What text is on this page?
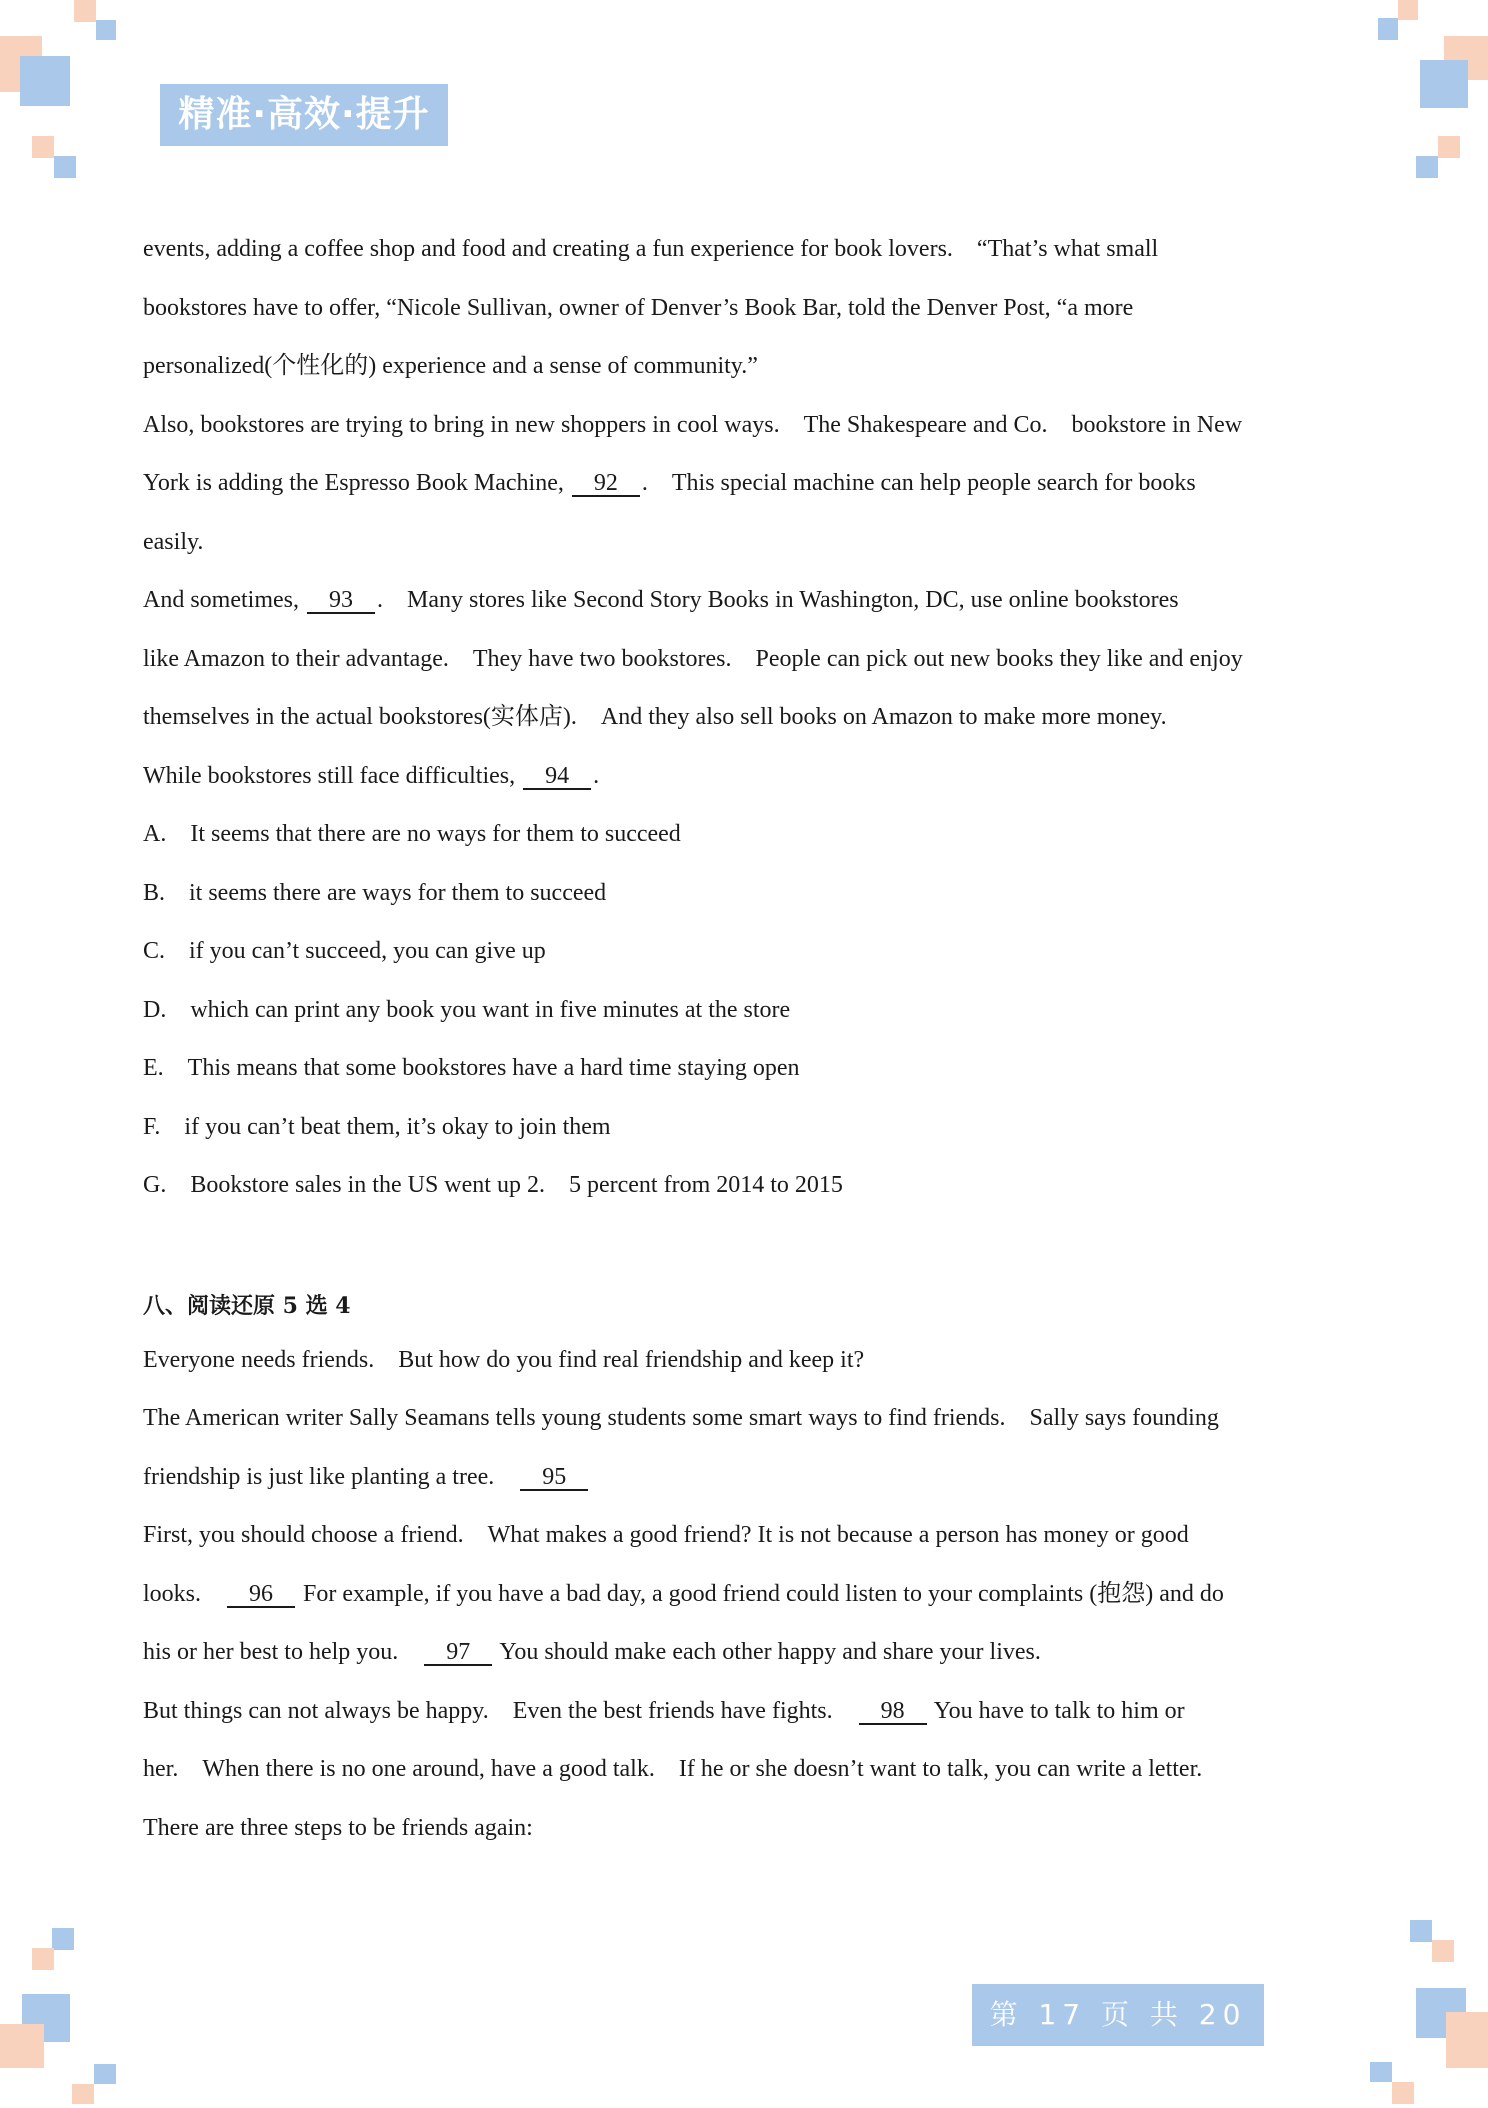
精准·高效·提升
events, adding a coffee shop and food and creating a fun experience for book lovers.　“That’s what small
bookstores have to offer, “Nicole Sullivan, owner of Denver’s Book Bar, told the Denver Post, “a more
personalized(个性化的) experience and a sense of community.”
Also, bookstores are trying to bring in new shoppers in cool ways.　The Shakespeare and Co.　bookstore in New
York is adding the Espresso Book Machine, 92 .　This special machine can help people search for books
easily.
And sometimes, 93 .　Many stores like Second Story Books in Washington, DC, use online bookstores
like Amazon to their advantage.　They have two bookstores.　People can pick out new books they like and enjoy
themselves in the actual bookstores(实体店).　And they also sell books on Amazon to make more money.
While bookstores still face difficulties, 94 .
A.　It seems that there are no ways for them to succeed
B.　it seems there are ways for them to succeed
C.　if you can’t succeed, you can give up
D.　which can print any book you want in five minutes at the store
E.　This means that some bookstores have a hard time staying open
F.　if you can’t beat them, it’s okay to join them
G.　Bookstore sales in the US went up 2.　5 percent from 2014 to 2015
八、阅读还原 5 选 4
Everyone needs friends.　But how do you find real friendship and keep it?
The American writer Sally Seamans tells young students some smart ways to find friends.　Sally says founding
friendship is just like planting a tree.　95
First, you should choose a friend.　What makes a good friend? It is not because a person has money or good
looks.　96 For example, if you have a bad day, a good friend could listen to your complaints (抱怨) and do
his or her best to help you.　97 You should make each other happy and share your lives.
But things can not always be happy.　Even the best friends have fights.　98 You have to talk to him or
her.　When there is no one around, have a good talk.　If he or she doesn’t want to talk, you can write a letter.
There are three steps to be friends again:
第 17 页 共 20 页
